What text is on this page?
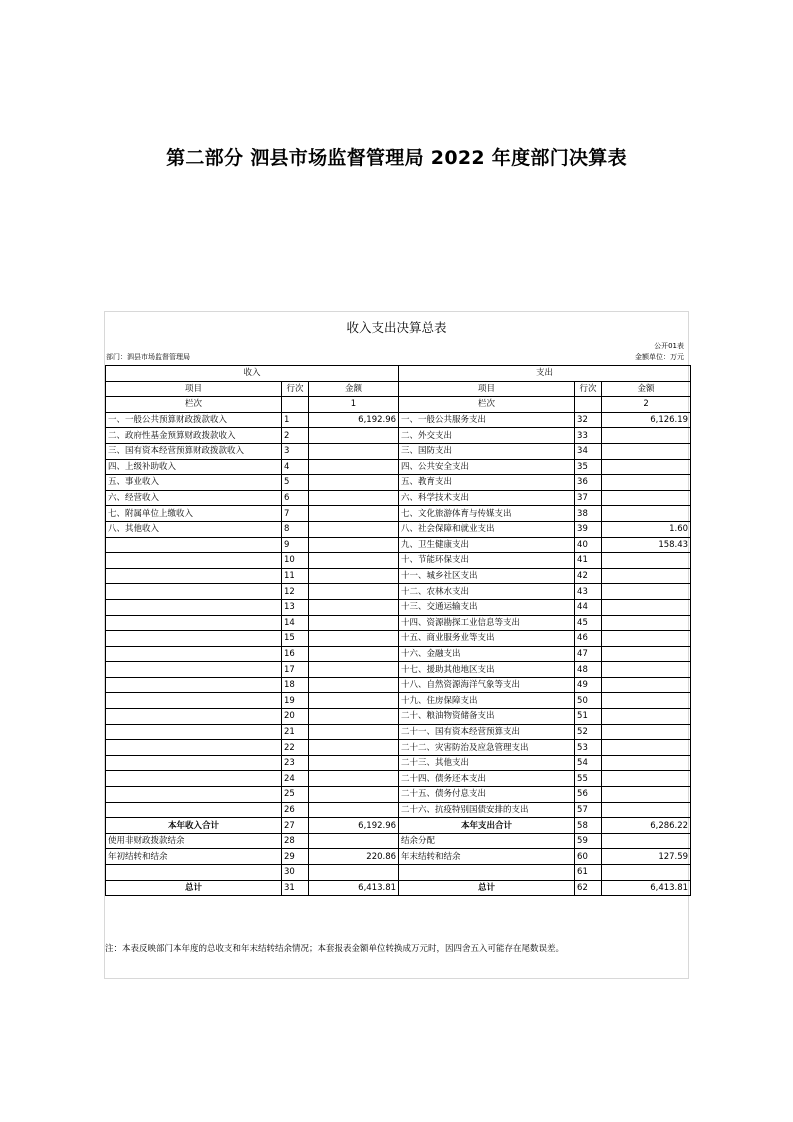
第二部分 泗县市场监督管理局 2022 年度部门决算表
收入支出决算总表
公开01表
部门：泗县市场监督管理局	金额单位：万元
收入			支出		
项目	行次	金额	项目	行次	金额
栏次		1	栏次		2
一、一般公共预算财政拨款收入	1	6,192.96	一、一般公共服务支出	32	6,126.19
二、政府性基金预算财政拨款收入	2		二、外交支出	33	
三、国有资本经营预算财政拨款收入	3		三、国防支出	34	
四、上级补助收入	4		四、公共安全支出	35	
五、事业收入	5		五、教育支出	36	
六、经营收入	6		六、科学技术支出	37	
七、附属单位上缴收入	7		七、文化旅游体育与传媒支出	38	
八、其他收入	8		八、社会保障和就业支出	39	1.60
	9		九、卫生健康支出	40	158.43
	10		十、节能环保支出	41	
	11		十一、城乡社区支出	42	
	12		十二、农林水支出	43	
	13		十三、交通运输支出	44	
	14		十四、资源勘探工业信息等支出	45	
	15		十五、商业服务业等支出	46	
	16		十六、金融支出	47	
	17		十七、援助其他地区支出	48	
	18		十八、自然资源海洋气象等支出	49	
	19		十九、住房保障支出	50	
	20		二十、粮油物资储备支出	51	
	21		二十一、国有资本经营预算支出	52	
	22		二十二、灾害防治及应急管理支出	53	
	23		二十三、其他支出	54	
	24		二十四、债务还本支出	55	
	25		二十五、债务付息支出	56	
	26		二十六、抗疫特别国债安排的支出	57	
本年收入合计	27	6,192.96	本年支出合计	58	6,286.22
使用非财政拨款结余	28		结余分配	59	
年初结转和结余	29	220.86	年末结转和结余	60	127.59
	30			61	
总计	31	6,413.81	总计	62	6,413.81
注：本表反映部门本年度的总收支和年末结转结余情况；本套报表金额单位转换成万元时，因四舍五入可能存在尾数误差。
